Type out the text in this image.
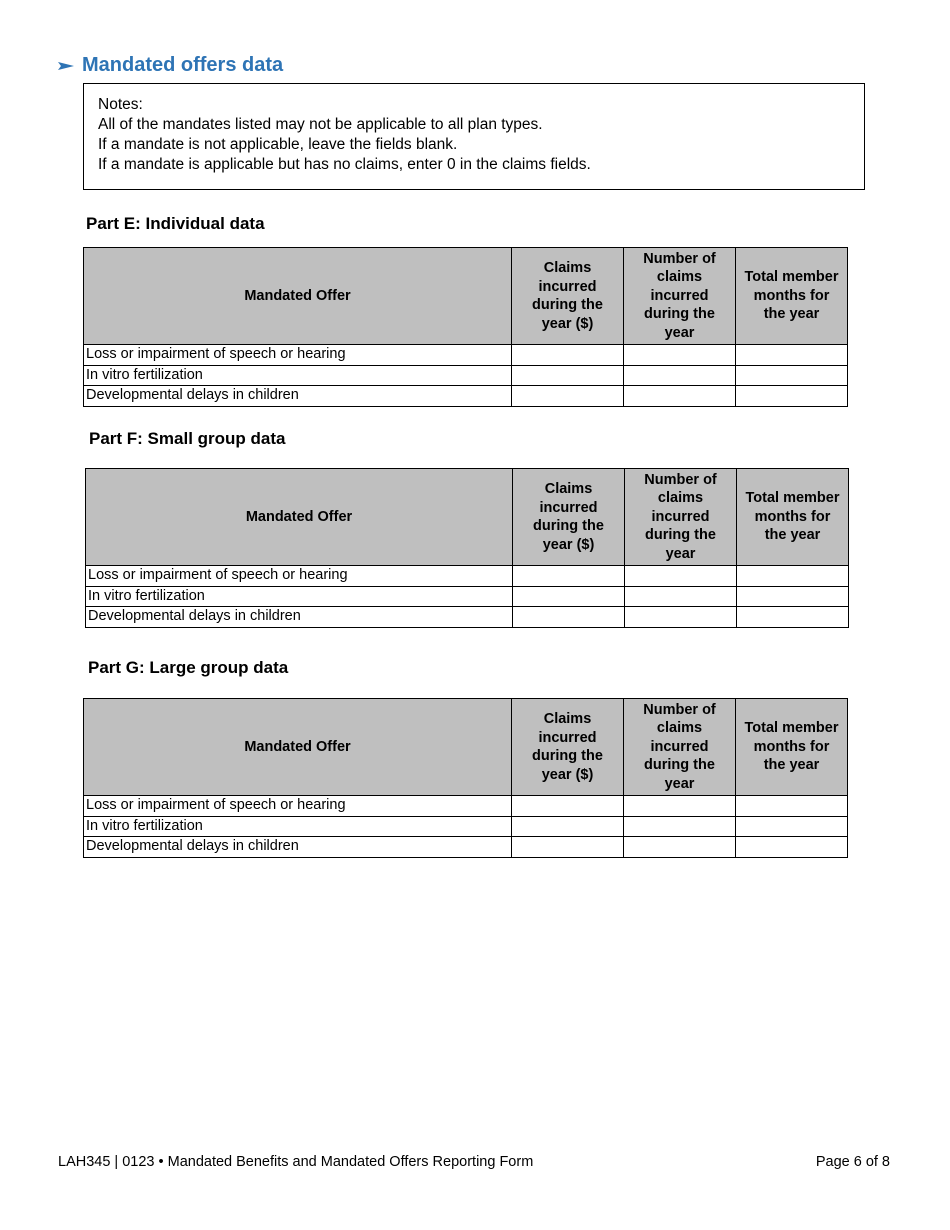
Mandated offers data
Notes:
All of the mandates listed may not be applicable to all plan types.
If a mandate is not applicable, leave the fields blank.
If a mandate is applicable but has no claims, enter 0 in the claims fields.
Part E: Individual data
Mandated Offer	Claims incurred during the year ($)	Number of claims incurred during the year	Total member months for the year
Loss or impairment of speech or hearing			
In vitro fertilization			
Developmental delays in children			
Part F: Small group data
Mandated Offer	Claims incurred during the year ($)	Number of claims incurred during the year	Total member months for the year
Loss or impairment of speech or hearing			
In vitro fertilization			
Developmental delays in children			
Part G: Large group data
Mandated Offer	Claims incurred during the year ($)	Number of claims incurred during the year	Total member months for the year
Loss or impairment of speech or hearing			
In vitro fertilization			
Developmental delays in children			
LAH345 | 0123 • Mandated Benefits and Mandated Offers Reporting Form	Page 6 of 8
